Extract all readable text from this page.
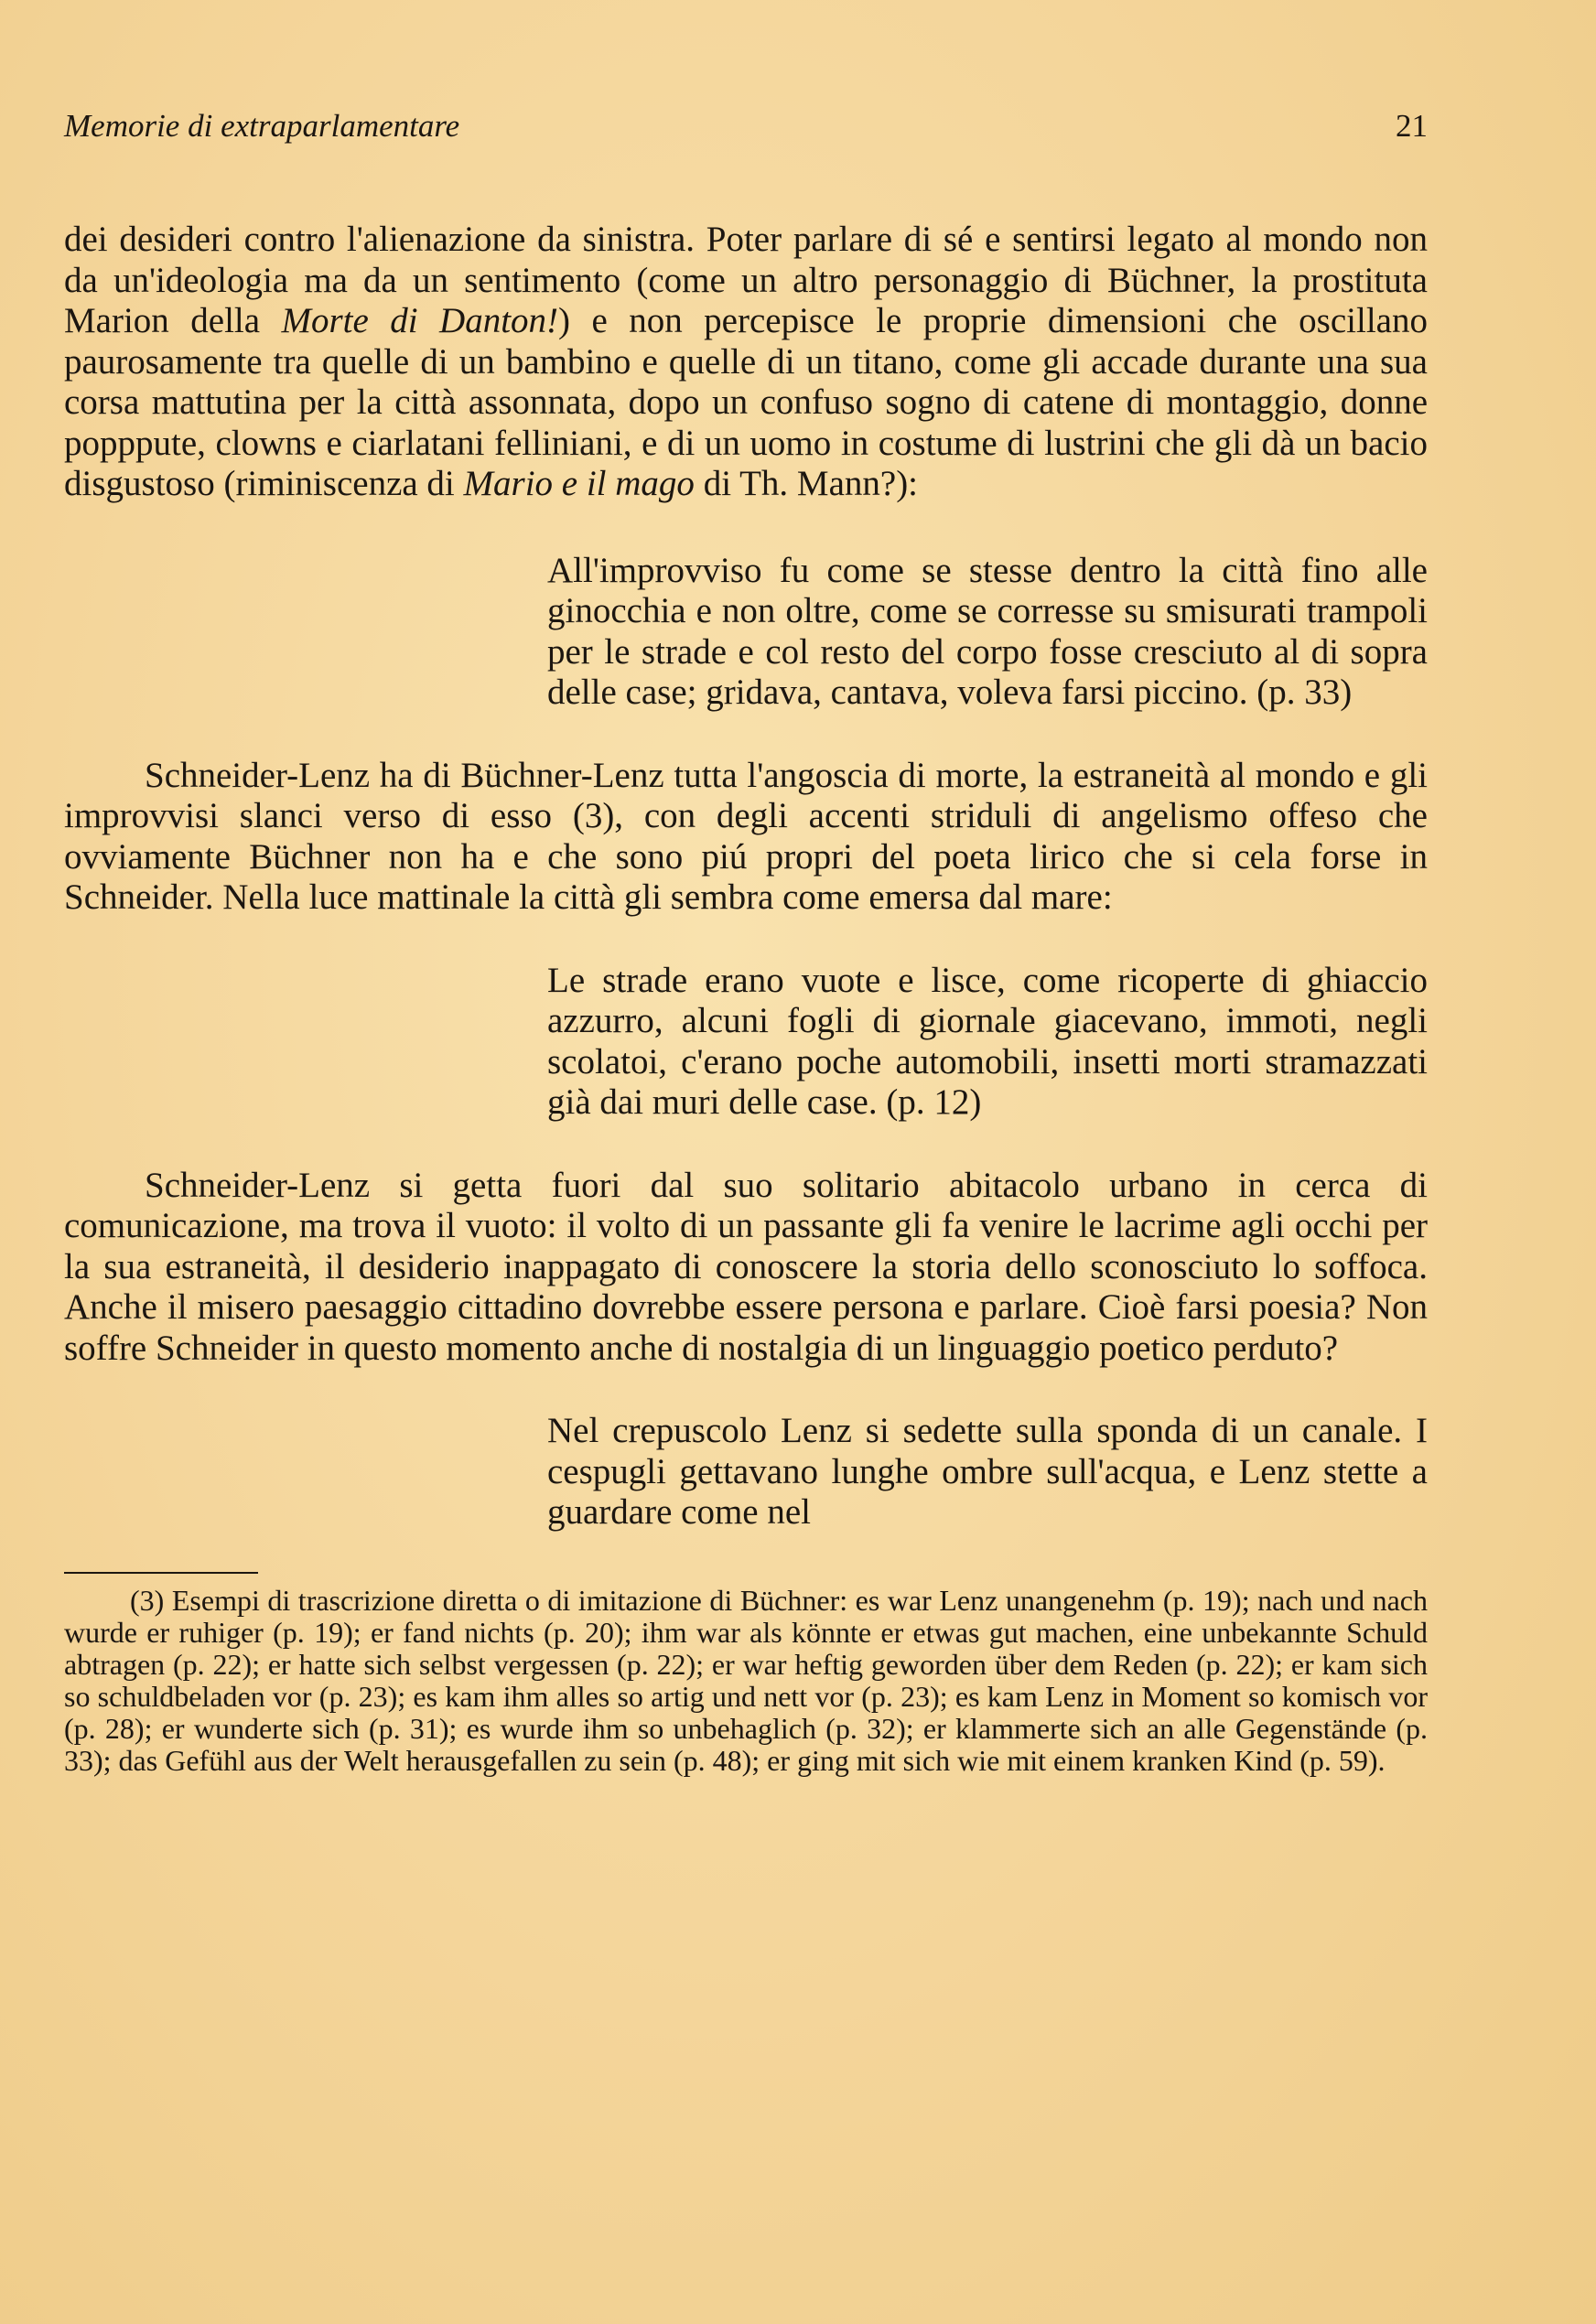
Memorie di extraparlamentare	21

dei desideri contro l'alienazione da sinistra. Poter parlare di sé e sentirsi legato al mondo non da un'ideologia ma da un sentimento (come un altro personaggio di Büchner, la prostituta Marion della Morte di Danton!) e non percepisce le proprie dimensioni che oscillano paurosamente tra quelle di un bambino e quelle di un titano, come gli accade durante una sua corsa mattutina per la città assonnata, dopo un confuso sogno di catene di montaggio, donne popppute, clowns e ciarlatani felliniani, e di un uomo in costume di lustrini che gli dà un bacio disgustoso (riminiscenza di Mario e il mago di Th. Mann?):

All'improvviso fu come se stesse dentro la città fino alle ginocchia e non oltre, come se corresse su smisurati trampoli per le strade e col resto del corpo fosse cresciuto al di sopra delle case; gridava, cantava, voleva farsi piccino. (p. 33)

Schneider-Lenz ha di Büchner-Lenz tutta l'angoscia di morte, la estraneità al mondo e gli improvvisi slanci verso di esso (3), con degli accenti striduli di angelismo offeso che ovviamente Büchner non ha e che sono piú propri del poeta lirico che si cela forse in Schneider. Nella luce mattinale la città gli sembra come emersa dal mare:

Le strade erano vuote e lisce, come ricoperte di ghiaccio azzurro, alcuni fogli di giornale giacevano, immoti, negli scolatoi, c'erano poche automobili, insetti morti stramazzati già dai muri delle case. (p. 12)

Schneider-Lenz si getta fuori dal suo solitario abitacolo urbano in cerca di comunicazione, ma trova il vuoto: il volto di un passante gli fa venire le lacrime agli occhi per la sua estraneità, il desiderio inappagato di conoscere la storia dello sconosciuto lo soffoca. Anche il misero paesaggio cittadino dovrebbe essere persona e parlare. Cioè farsi poesia? Non soffre Schneider in questo momento anche di nostalgia di un linguaggio poetico perduto?

Nel crepuscolo Lenz si sedette sulla sponda di un canale. I cespugli gettavano lunghe ombre sull'acqua, e Lenz stette a guardare come nel

(3) Esempi di trascrizione diretta o di imitazione di Büchner: es war Lenz unangenehm (p. 19); nach und nach wurde er ruhiger (p. 19); er fand nichts (p. 20); ihm war als könnte er etwas gut machen, eine unbekannte Schuld abtragen (p. 22); er hatte sich selbst vergessen (p. 22); er war heftig geworden über dem Reden (p. 22); er kam sich so schuldbeladen vor (p. 23); es kam ihm alles so artig und nett vor (p. 23); es kam Lenz in Moment so komisch vor (p. 28); er wunderte sich (p. 31); es wurde ihm so unbehaglich (p. 32); er klammerte sich an alle Gegenstände (p. 33); das Gefühl aus der Welt herausgefallen zu sein (p. 48); er ging mit sich wie mit einem kranken Kind (p. 59).
